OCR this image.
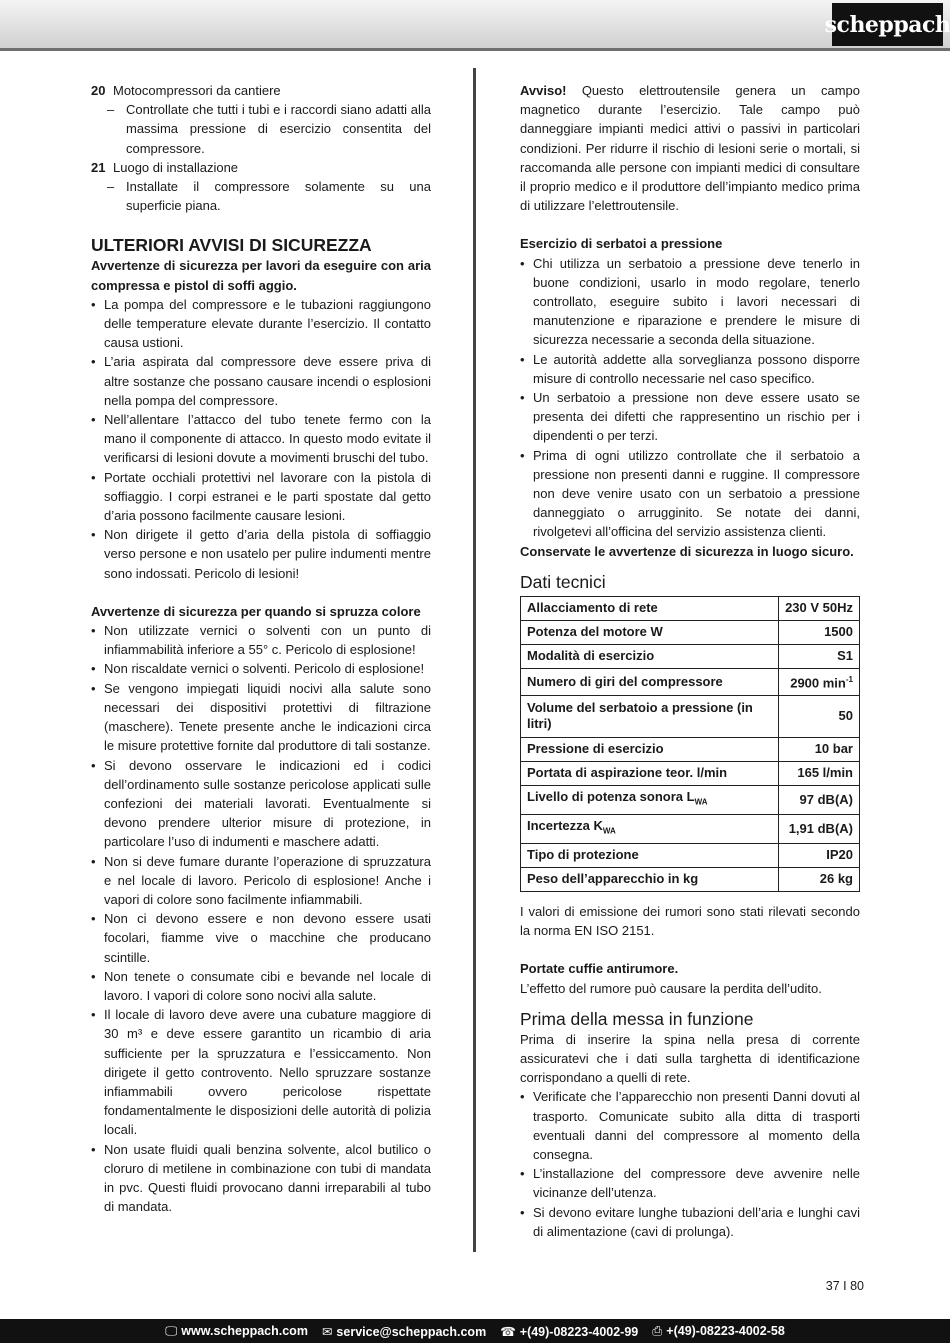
scheppach
20 Motocompressori da cantiere
– Controllate che tutti i tubi e i raccordi siano adatti alla massima pressione di esercizio consentita del compressore.
21 Luogo di installazione
– Installate il compressore solamente su una superficie piana.

ULTERIORI AVVISI DI SICUREZZA

Avvertenze di sicurezza per lavori da eseguire con aria compressa e pistol di soffi aggio.

• La pompa del compressore e le tubazioni raggiungono delle temperature elevate durante l’esercizio. Il contatto causa ustioni.
• L’aria aspirata dal compressore deve essere priva di altre sostanze che possano causare incendi o esplosioni nella pompa del compressore.
• Nell’allentare l’attacco del tubo tenete fermo con la mano il componente di attacco. In questo modo evitate il verificarsi di lesioni dovute a movimenti bruschi del tubo.
• Portate occhiali protettivi nel lavorare con la pistola di soffiaggio. I corpi estranei e le parti spostate dal getto d’aria possono facilmente causare lesioni.
• Non dirigete il getto d’aria della pistola di soffiaggio verso persone e non usatelo per pulire indumenti mentre sono indossati. Pericolo di lesioni!

Avvertenze di sicurezza per quando si spruzza colore

• Non utilizzate vernici o solventi con un punto di infiammabilità inferiore a 55° c. Pericolo di esplosione!
• Non riscaldate vernici o solventi. Pericolo di esplosione!
• Se vengono impiegati liquidi nocivi alla salute sono necessari dei dispositivi protettivi di filtrazione (maschere). Tenete presente anche le indicazioni circa le misure protettive fornite dal produttore di tali sostanze.
• Si devono osservare le indicazioni ed i codici dell’ordinamento sulle sostanze pericolose applicati sulle confezioni dei materiali lavorati. Eventualmente si devono prendere ulterior misure di protezione, in particolare l’uso di indumenti e maschere adatti.
• Non si deve fumare durante l’operazione di spruzzatura e nel locale di lavoro. Pericolo di esplosione! Anche i vapori di colore sono facilmente infiammabili.
• Non ci devono essere e non devono essere usati focolari, fiamme vive o macchine che producano scintille.
• Non tenete o consumate cibi e bevande nel locale di lavoro. I vapori di colore sono nocivi alla salute.
• Il locale di lavoro deve avere una cubature maggiore di 30 m³ e deve essere garantito un ricambio di aria sufficiente per la spruzzatura e l’essiccamento. Non dirigete il getto controvento. Nello spruzzare sostanze infiammabili ovvero pericolose rispettate fondamentalmente le disposizioni delle autorità di polizia locali.
• Non usate fluidi quali benzina solvente, alcol butilico o cloruro di metilene in combinazione con tubi di mandata in pvc. Questi fluidi provocano danni irreparabili al tubo di mandata.

Avviso! Questo elettroutensile genera un campo magnetico durante l’esercizio. Tale campo può danneggiare impianti medici attivi o passivi in particolari condizioni. Per ridurre il rischio di lesioni serie o mortali, si raccomanda alle persone con impianti medici di consultare il proprio medico e il produttore dell’impianto medico prima di utilizzare l’elettroutensile.

Esercizio di serbatoi a pressione

• Chi utilizza un serbatoio a pressione deve tenerlo in buone condizioni, usarlo in modo regolare, tenerlo controllato, eseguire subito i lavori necessari di manutenzione e riparazione e prendere le misure di sicurezza necessarie a seconda della situazione.
• Le autorità addette alla sorveglianza possono disporre misure di controllo necessarie nel caso specifico.
• Un serbatoio a pressione non deve essere usato se presenta dei difetti che rappresentino un rischio per i dipendenti o per terzi.
• Prima di ogni utilizzo controllate che il serbatoio a pressione non presenti danni e ruggine. Il compressore non deve venire usato con un serbatoio a pressione danneggiato o arrugginito. Se notate dei danni, rivolgetevi all’officina del servizio assistenza clienti.

Conservate le avvertenze di sicurezza in luogo sicuro.

Dati tecnici

Allacciamento di rete	230 V 50Hz
Potenza del motore W	1500
Modalità di esercizio	S1
Numero di giri del compressore	2900 $\min^{-1}$
Volume del serbatoio a pressione (in litri)	50
Pressione di esercizio	10 bar
Portata di aspirazione teor. l/min	165 l/min
Livello di potenza sonora $L_{WA}$	97 dB(A)
Incertezza $K_{WA}$	1,91 dB(A)
Tipo di protezione	IP20
Peso dell’apparecchio in kg	26 kg

I valori di emissione dei rumori sono stati rilevati secondo la norma EN ISO 2151.

Portate cuffie antirumore.

L’effetto del rumore può causare la perdita dell’udito.

Prima della messa in funzione

Prima di inserire la spina nella presa di corrente assicuratevi che i dati sulla targhetta di identificazione corrispondano a quelli di rete.

• Verificate che l’apparecchio non presenti Danni dovuti al trasporto. Comunicate subito alla ditta di trasporti eventuali danni del compressore al momento della consegna.
• L’installazione del compressore deve avvenire nelle vicinanze dell’utenza.
• Si devono evitare lunghe tubazioni dell’aria e lunghi cavi di alimentazione (cavi di prolunga).
37 I 80
🖵︎ www.scheppach.com ✉︎ service@scheppach.com ☎︎ +(49)-08223-4002-99 ⎙ +(49)-08223-4002-58
